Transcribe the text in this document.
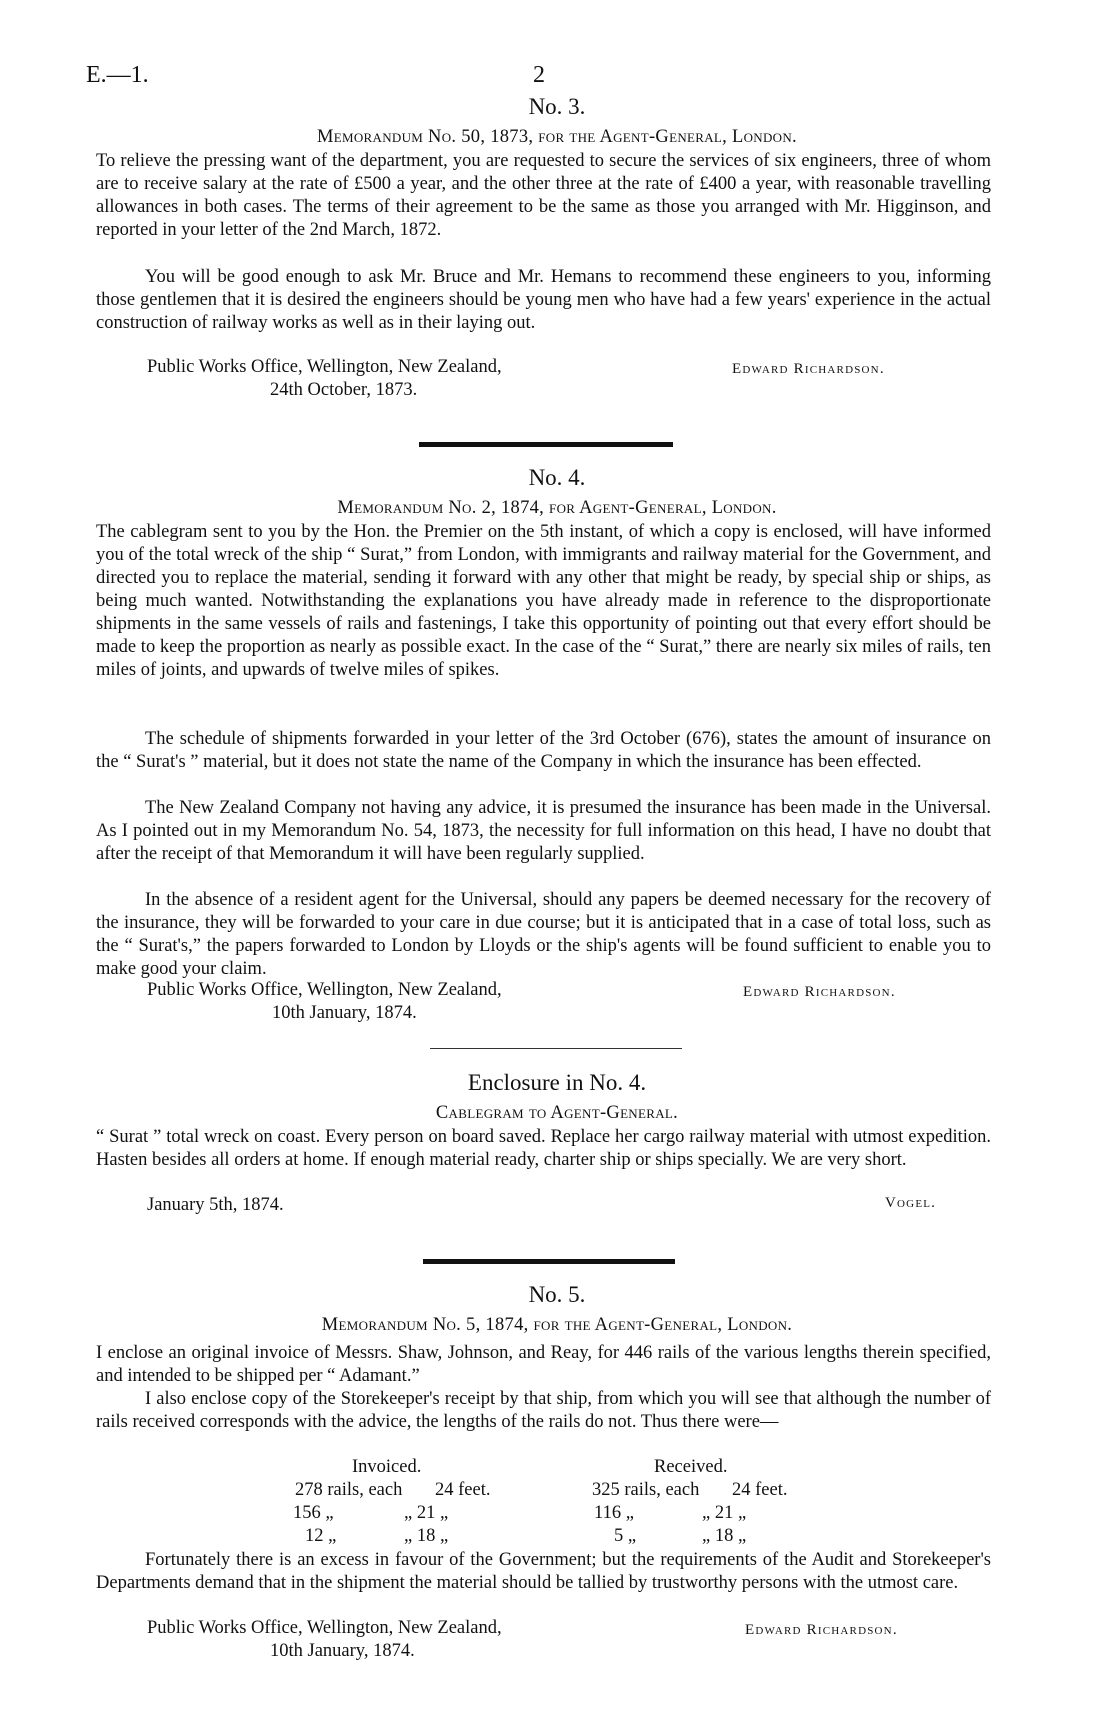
E.—1.	2
No. 3.
Memorandum No. 50, 1873, for the Agent-General, London.
To relieve the pressing want of the department, you are requested to secure the services of six engineers, three of whom are to receive salary at the rate of £500 a year, and the other three at the rate of £400 a year, with reasonable travelling allowances in both cases. The terms of their agreement to be the same as those you arranged with Mr. Higginson, and reported in your letter of the 2nd March, 1872.
You will be good enough to ask Mr. Bruce and Mr. Hemans to recommend these engineers to you, informing those gentlemen that it is desired the engineers should be young men who have had a few years' experience in the actual construction of railway works as well as in their laying out.
Public Works Office, Wellington, New Zealand,	Edward Richardson.
24th October, 1873.
No. 4.
Memorandum No. 2, 1874, for Agent-General, London.
The cablegram sent to you by the Hon. the Premier on the 5th instant, of which a copy is enclosed, will have informed you of the total wreck of the ship “ Surat,” from London, with immigrants and railway material for the Government, and directed you to replace the material, sending it forward with any other that might be ready, by special ship or ships, as being much wanted. Notwithstanding the explanations you have already made in reference to the disproportionate shipments in the same vessels of rails and fastenings, I take this opportunity of pointing out that every effort should be made to keep the proportion as nearly as possible exact. In the case of the “ Surat,” there are nearly six miles of rails, ten miles of joints, and upwards of twelve miles of spikes.
The schedule of shipments forwarded in your letter of the 3rd October (676), states the amount of insurance on the “ Surat's ” material, but it does not state the name of the Company in which the insurance has been effected.
The New Zealand Company not having any advice, it is presumed the insurance has been made in the Universal. As I pointed out in my Memorandum No. 54, 1873, the necessity for full information on this head, I have no doubt that after the receipt of that Memorandum it will have been regularly supplied.
In the absence of a resident agent for the Universal, should any papers be deemed necessary for the recovery of the insurance, they will be forwarded to your care in due course; but it is anticipated that in a case of total loss, such as the “ Surat's,” the papers forwarded to London by Lloyds or the ship's agents will be found sufficient to enable you to make good your claim.
Public Works Office, Wellington, New Zealand,	Edward Richardson.
10th January, 1874.
Enclosure in No. 4.
Cablegram to Agent-General.
“ Surat ” total wreck on coast. Every person on board saved. Replace her cargo railway material with utmost expedition. Hasten besides all orders at home. If enough material ready, charter ship or ships specially. We are very short.
Vogel.
January 5th, 1874.
No. 5.
Memorandum No. 5, 1874, for the Agent-General, London.
I enclose an original invoice of Messrs. Shaw, Johnson, and Reay, for 446 rails of the various lengths therein specified, and intended to be shipped per “ Adamant.”
I also enclose copy of the Storekeeper's receipt by that ship, from which you will see that although the number of rails received corresponds with the advice, the lengths of the rails do not. Thus there were—
Invoiced.	Received.
278 rails, each 24 feet.	325 rails, each 24 feet.
156 „	„ 21 „	116 „	„ 21 „
12 „	„ 18 „	5 „	„ 18 „
Fortunately there is an excess in favour of the Government; but the requirements of the Audit and Storekeeper's Departments demand that in the shipment the material should be tallied by trustworthy persons with the utmost care.
Public Works Office, Wellington, New Zealand,	Edward Richardson.
10th January, 1874.
